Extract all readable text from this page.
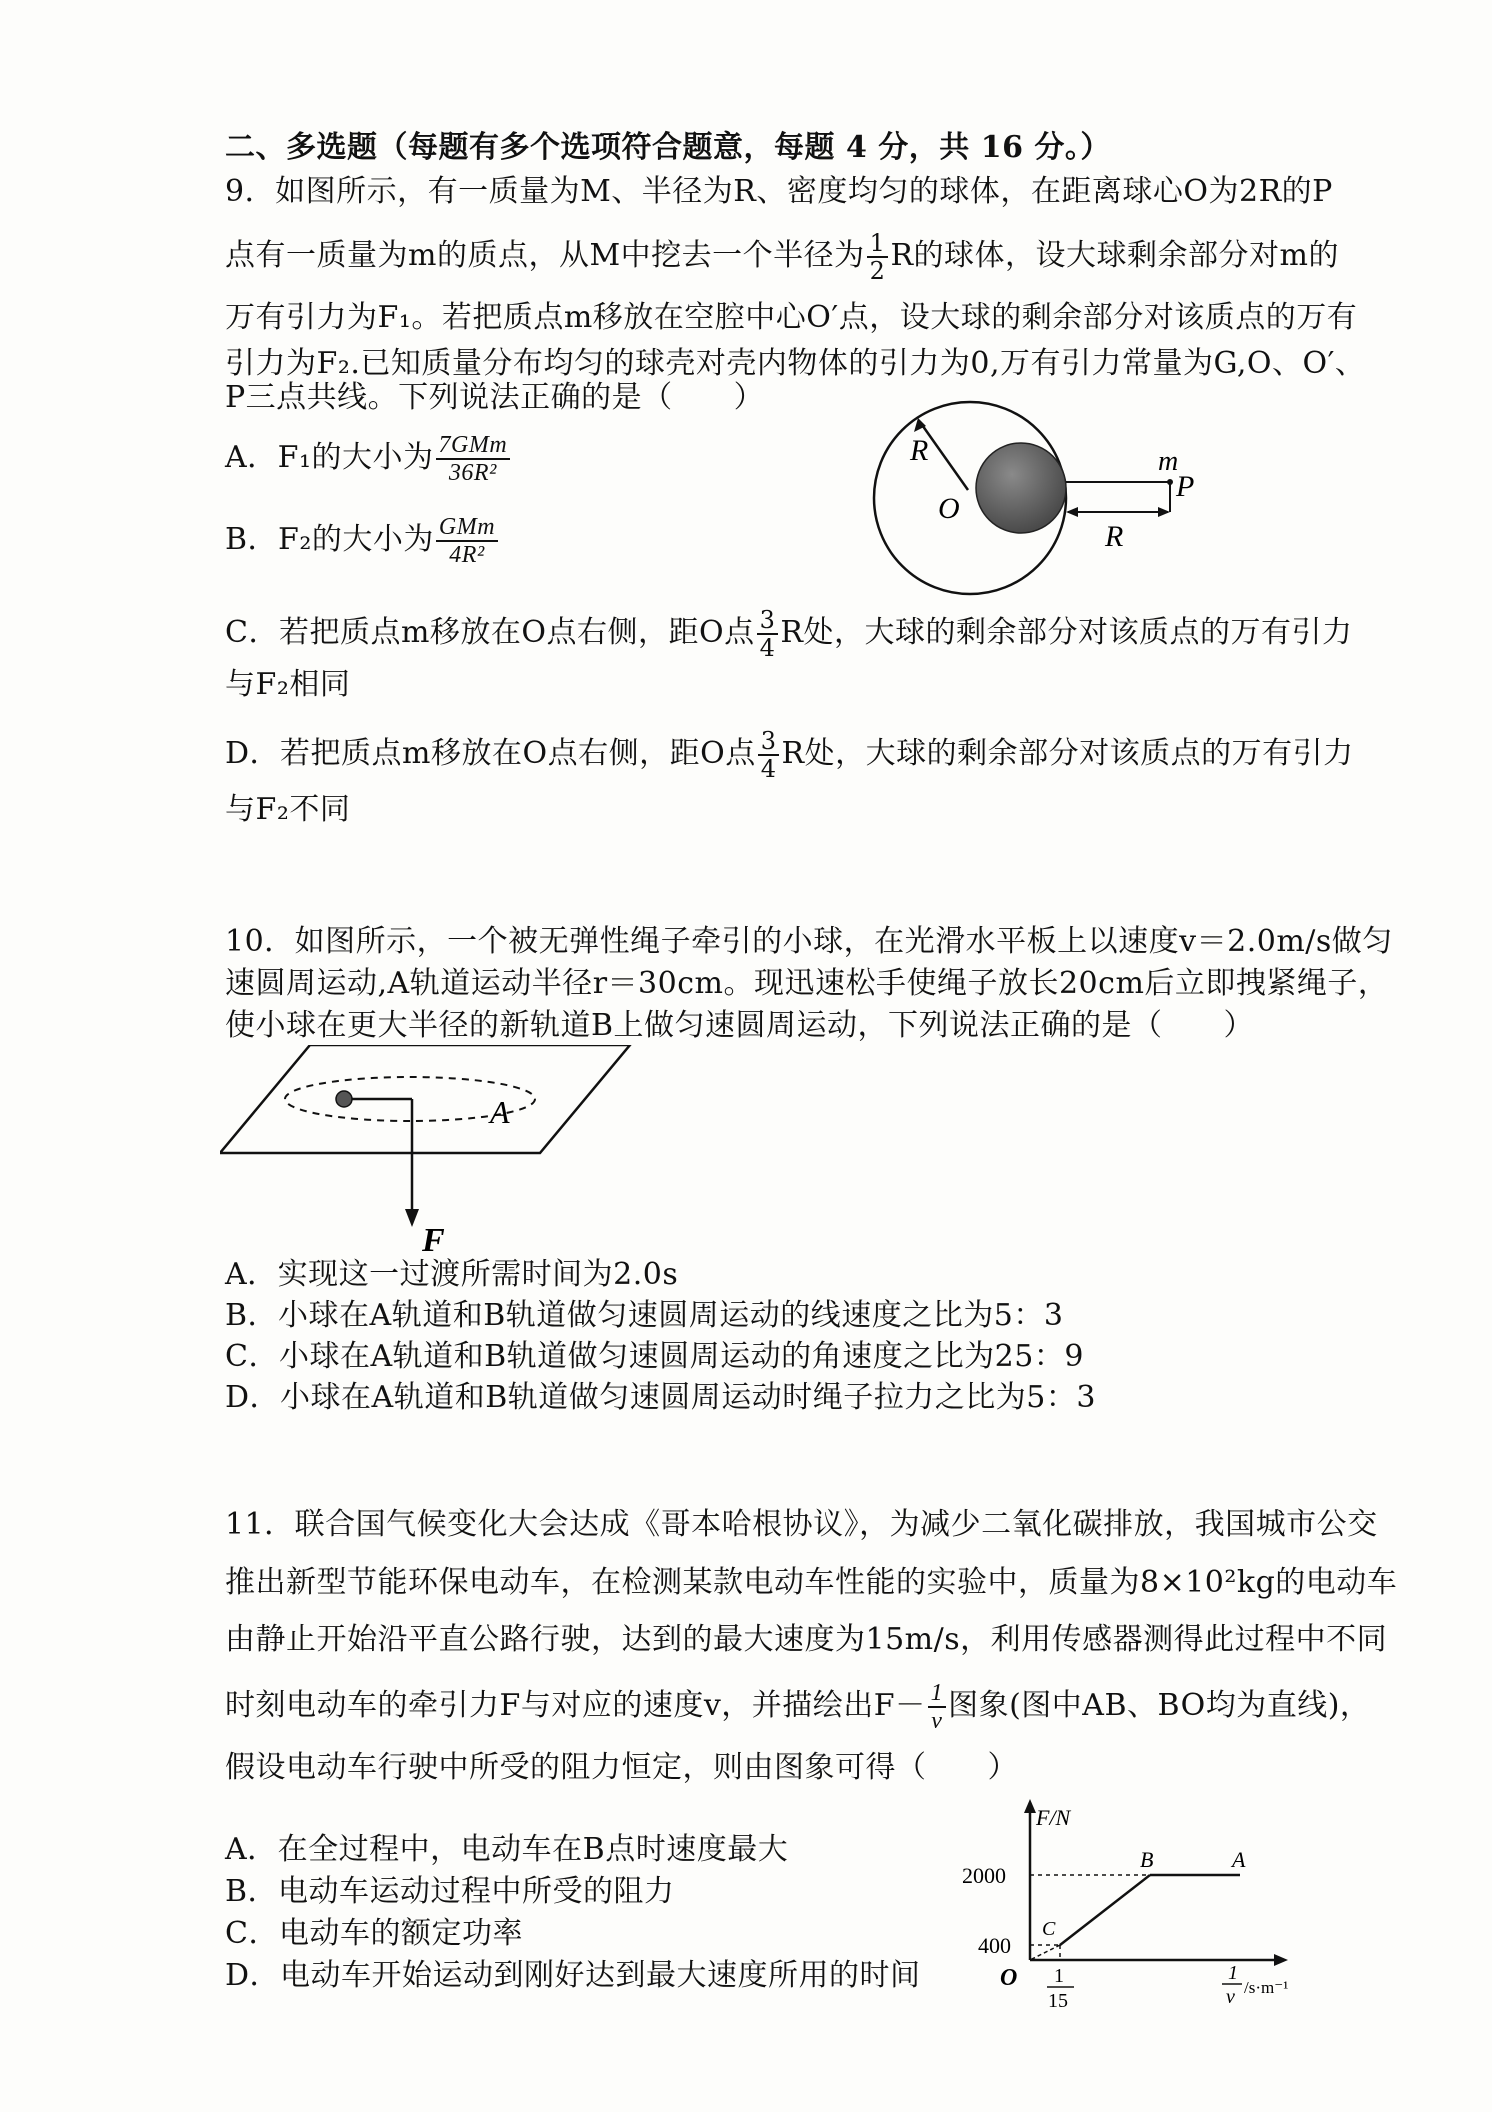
二、多选题（每题有多个选项符合题意，每题 4 分，共 16 分。）
9．如图所示，有一质量为M、半径为R、密度均匀的球体，在距离球心O为2R的P
点有一质量为m的质点，从M中挖去一个半径为 $\frac{1}{2}$ R的球体，设大球剩余部分对m的
万有引力为F₁。若把质点m移放在空腔中心O′点，设大球的剩余部分对该质点的万有
引力为F₂.已知质量分布均匀的球壳对壳内物体的引力为0,万有引力常量为G,O、O′、
P三点共线。下列说法正确的是（　　）
A．F₁的大小为 $\frac{\text{7GMm}}{\text{36R²}}$
B．F₂的大小为 $\frac{\text{GMm}}{\text{4R²}}$
C．若把质点m移放在O点右侧，距O点 $\frac{3}{4}$ R处，大球的剩余部分对该质点的万有引力
与F₂相同
D．若把质点m移放在O点右侧，距O点 $\frac{3}{4}$ R处，大球的剩余部分对该质点的万有引力
与F₂不同
R
O
m
P
R
10．如图所示，一个被无弹性绳子牵引的小球，在光滑水平板上以速度v＝2.0m/s做匀
速圆周运动,A轨道运动半径r＝30cm。现迅速松手使绳子放长20cm后立即拽紧绳子，
使小球在更大半径的新轨道B上做匀速圆周运动，下列说法正确的是（　　）
A
F
A．实现这一过渡所需时间为2.0s
B．小球在A轨道和B轨道做匀速圆周运动的线速度之比为5：3
C．小球在A轨道和B轨道做匀速圆周运动的角速度之比为25：9
D．小球在A轨道和B轨道做匀速圆周运动时绳子拉力之比为5：3
11．联合国气候变化大会达成《哥本哈根协议》，为减少二氧化碳排放，我国城市公交
推出新型节能环保电动车，在检测某款电动车性能的实验中，质量为8×10²kg的电动车
由静止开始沿平直公路行驶，达到的最大速度为15m/s，利用传感器测得此过程中不同
时刻电动车的牵引力F与对应的速度v，并描绘出$F- \frac{1}{v}$ 图象(图中AB、BO均为直线)，
假设电动车行驶中所受的阻力恒定，则由图象可得（　　）
A．在全过程中，电动车在B点时速度最大
B．电动车运动过程中所受的阻力
C．电动车的额定功率
D．电动车开始运动到刚好达到最大速度所用的时间
F/N
2000
400
O 1
15
1
v /s·m⁻¹
B	A
C
